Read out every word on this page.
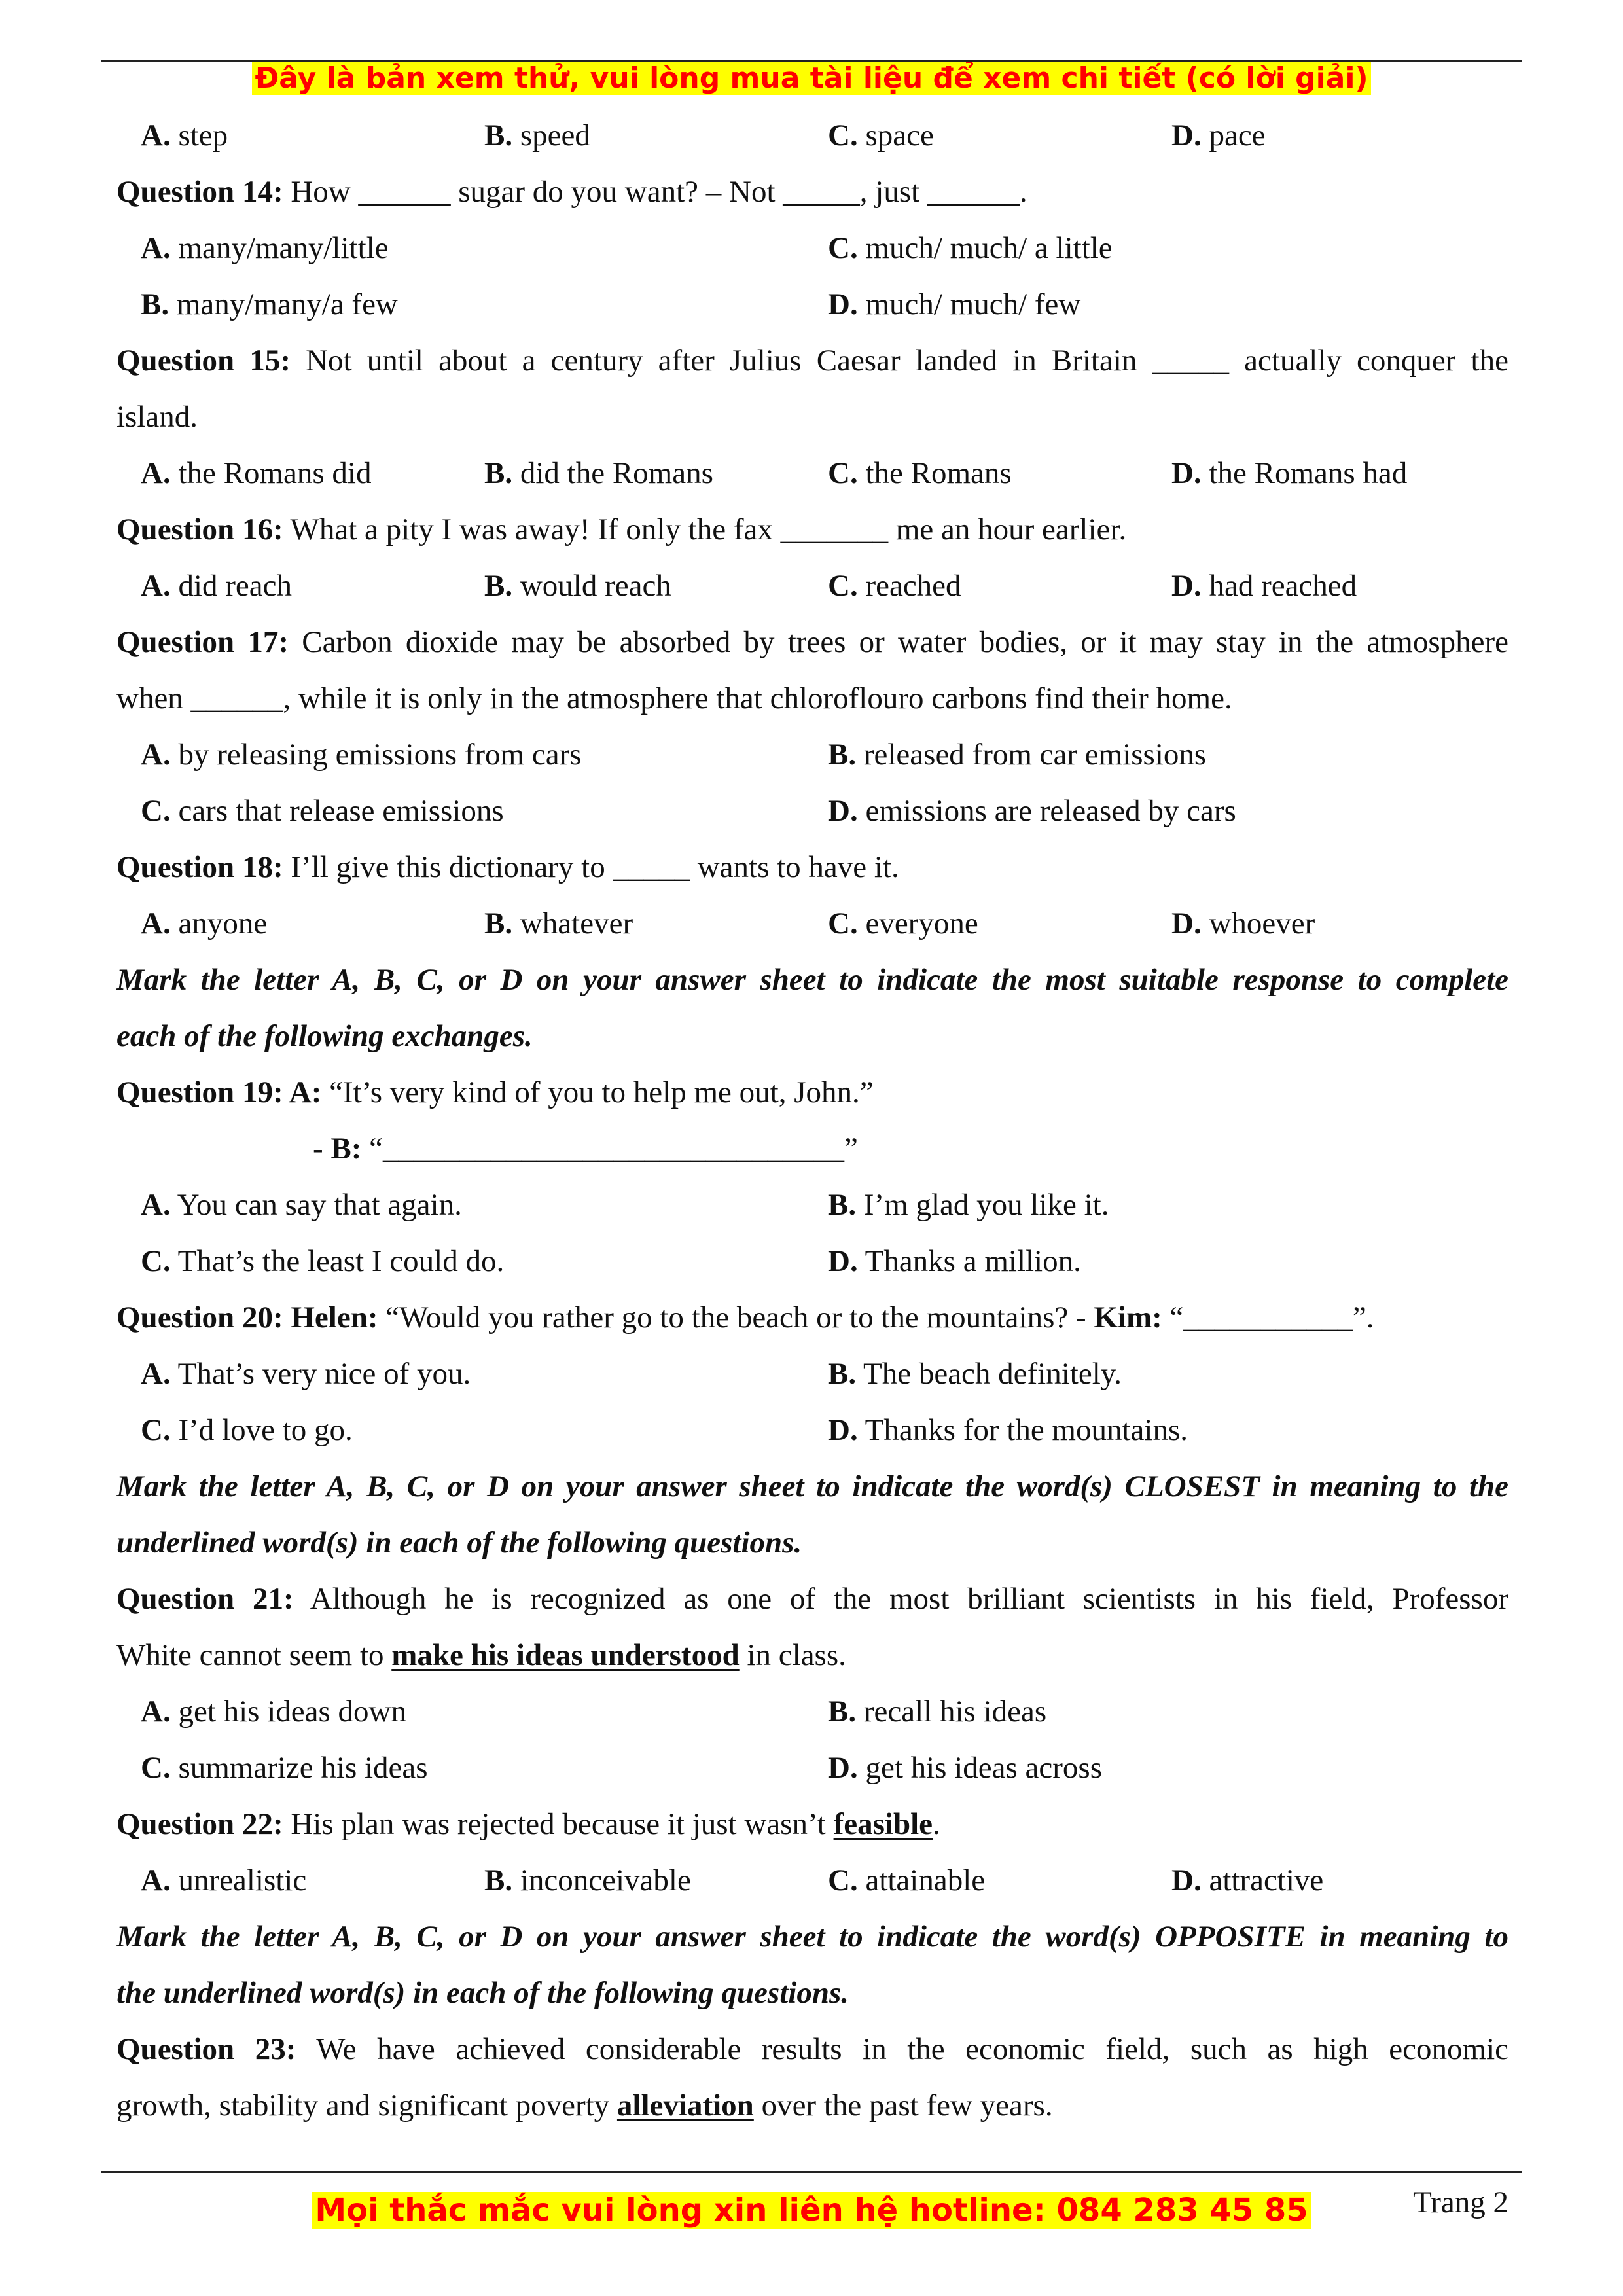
Đây là bản xem thử, vui lòng mua tài liệu để xem chi tiết (có lời giải)
A. step	B. speed	C. space	D. pace
Question 14: How ______ sugar do you want? – Not _____, just ______.
A. many/many/little	C. much/ much/ a little
B. many/many/a few	D. much/ much/ few
Question 15: Not until about a century after Julius Caesar landed in Britain _____ actually conquer the
island.
A. the Romans did	B. did the Romans	C. the Romans	D. the Romans had
Question 16: What a pity I was away! If only the fax _______ me an hour earlier.
A. did reach	B. would reach	C. reached	D. had reached
Question 17: Carbon dioxide may be absorbed by trees or water bodies, or it may stay in the atmosphere
when ______, while it is only in the atmosphere that chloroflouro carbons find their home.
A. by releasing emissions from cars	B. released from car emissions
C. cars that release emissions	D. emissions are released by cars
Question 18: I’ll give this dictionary to _____ wants to have it.
A. anyone	B. whatever	C. everyone	D. whoever
Mark the letter A, B, C, or D on your answer sheet to indicate the most suitable response to complete
each of the following exchanges.
Question 19: A: “It’s very kind of you to help me out, John.”
- B: “______________________________”
A. You can say that again.	B. I’m glad you like it.
C. That’s the least I could do.	D. Thanks a million.
Question 20: Helen: “Would you rather go to the beach or to the mountains? - Kim: “___________”.
A. That’s very nice of you.	B. The beach definitely.
C. I’d love to go.	D. Thanks for the mountains.
Mark the letter A, B, C, or D on your answer sheet to indicate the word(s) CLOSEST in meaning to the
underlined word(s) in each of the following questions.
Question 21: Although he is recognized as one of the most brilliant scientists in his field, Professor
White cannot seem to make his ideas understood in class.
A. get his ideas down	B. recall his ideas
C. summarize his ideas	D. get his ideas across
Question 22: His plan was rejected because it just wasn’t feasible.
A. unrealistic	B. inconceivable	C. attainable	D. attractive
Mark the letter A, B, C, or D on your answer sheet to indicate the word(s) OPPOSITE in meaning to
the underlined word(s) in each of the following questions.
Question 23: We have achieved considerable results in the economic field, such as high economic
growth, stability and significant poverty alleviation over the past few years.
Trang 2
Mọi thắc mắc vui lòng xin liên hệ hotline: 084 283 45 85
